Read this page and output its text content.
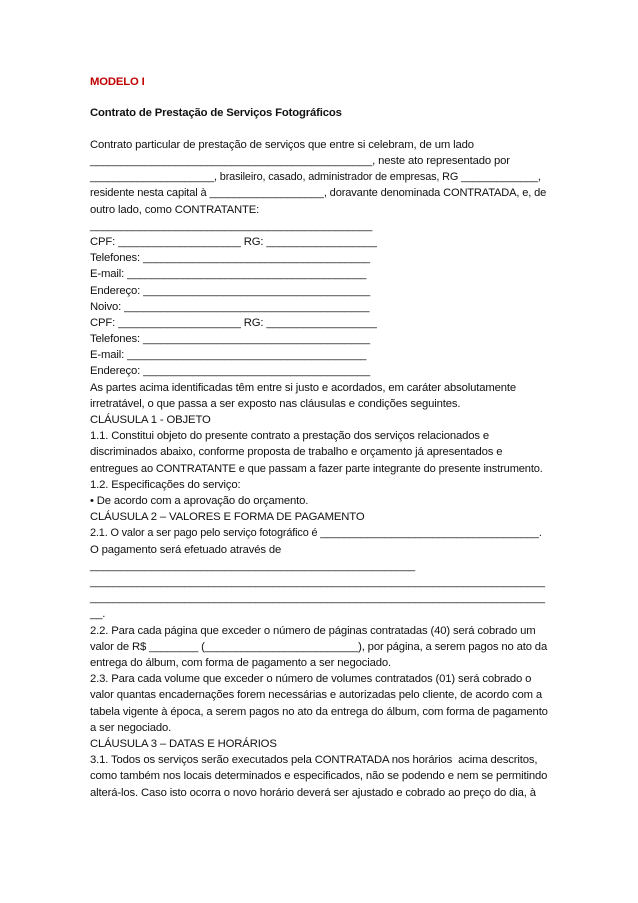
MODELO I
Contrato de Prestação de Serviços Fotográficos
Contrato particular de prestação de serviços que entre si celebram, de um lado
______________________________________________, neste ato representado por
_____________________, brasileiro, casado, administrador de empresas, RG _____________,
residente nesta capital à ___________________, doravante denominada CONTRATADA, e, de
outro lado, como CONTRATANTE:
______________________________________________
CPF: ____________________ RG: __________________
Telefones: _____________________________________
E-mail: _______________________________________
Endereço: _____________________________________
Noivo: ________________________________________
CPF: ____________________ RG: __________________
Telefones: _____________________________________
E-mail: _______________________________________
Endereço: _____________________________________
As partes acima identificadas têm entre si justo e acordados, em caráter absolutamente
irretratável, o que passa a ser exposto nas cláusulas e condições seguintes.
CLÁUSULA 1 - OBJETO
1.1. Constitui objeto do presente contrato a prestação dos serviços relacionados e
discriminados abaixo, conforme proposta de trabalho e orçamento já apresentados e
entregues ao CONTRATANTE e que passam a fazer parte integrante do presente instrumento.
1.2. Especificações do serviço:
• De acordo com a aprovação do orçamento.
CLÁUSULA 2 – VALORES E FORMA DE PAGAMENTO
2.1. O valor a ser pago pelo serviço fotográfico é _____________________________________.
O pagamento será efetuado através de
_____________________________________________________
_____________________________________________________________________________
_____________________________________________________________________________
__.
2.2. Para cada página que exceder o número de páginas contratadas (40) será cobrado um
valor de R$ ________ (_________________________), por página, a serem pagos no ato da
entrega do álbum, com forma de pagamento a ser negociado.
2.3. Para cada volume que exceder o número de volumes contratados (01) será cobrado o
valor quantas encadernações forem necessárias e autorizadas pelo cliente, de acordo com a
tabela vigente à época, a serem pagos no ato da entrega do álbum, com forma de pagamento
a ser negociado.
CLÁUSULA 3 – DATAS E HORÁRIOS
3.1. Todos os serviços serão executados pela CONTRATADA nos horários  acima descritos,
como também nos locais determinados e especificados, não se podendo e nem se permitindo
alterá-los. Caso isto ocorra o novo horário deverá ser ajustado e cobrado ao preço do dia, à
